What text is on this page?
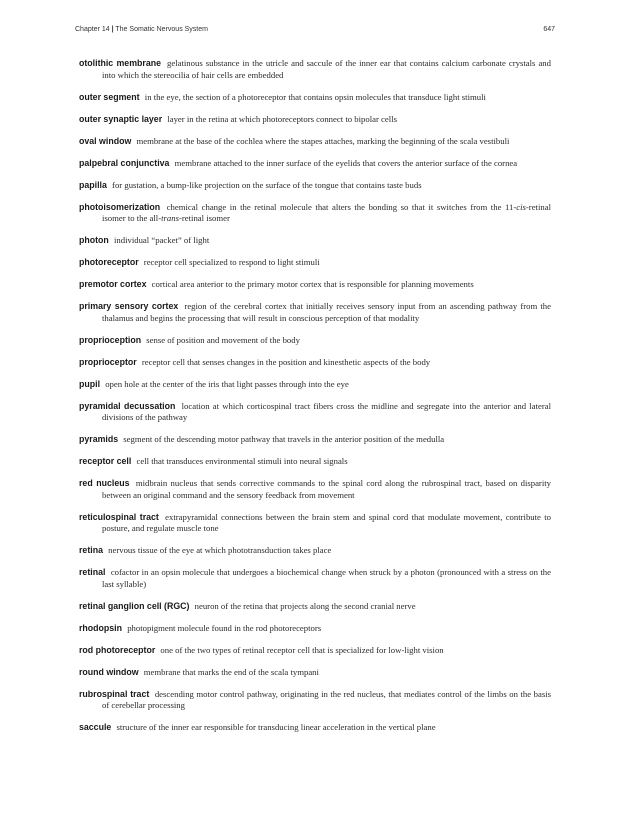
Chapter 14 | The Somatic Nervous System	647

otolithic membrane gelatinous substance in the utricle and saccule of the inner ear that contains calcium carbonate crystals and into which the stereocilia of hair cells are embedded

outer segment in the eye, the section of a photoreceptor that contains opsin molecules that transduce light stimuli

outer synaptic layer layer in the retina at which photoreceptors connect to bipolar cells

oval window membrane at the base of the cochlea where the stapes attaches, marking the beginning of the scala vestibuli

palpebral conjunctiva membrane attached to the inner surface of the eyelids that covers the anterior surface of the cornea

papilla for gustation, a bump-like projection on the surface of the tongue that contains taste buds

photoisomerization chemical change in the retinal molecule that alters the bonding so that it switches from the 11-cis-retinal isomer to the all-trans-retinal isomer

photon individual “packet” of light

photoreceptor receptor cell specialized to respond to light stimuli

premotor cortex cortical area anterior to the primary motor cortex that is responsible for planning movements

primary sensory cortex region of the cerebral cortex that initially receives sensory input from an ascending pathway from the thalamus and begins the processing that will result in conscious perception of that modality

proprioception sense of position and movement of the body

proprioceptor receptor cell that senses changes in the position and kinesthetic aspects of the body

pupil open hole at the center of the iris that light passes through into the eye

pyramidal decussation location at which corticospinal tract fibers cross the midline and segregate into the anterior and lateral divisions of the pathway

pyramids segment of the descending motor pathway that travels in the anterior position of the medulla

receptor cell cell that transduces environmental stimuli into neural signals

red nucleus midbrain nucleus that sends corrective commands to the spinal cord along the rubrospinal tract, based on disparity between an original command and the sensory feedback from movement

reticulospinal tract extrapyramidal connections between the brain stem and spinal cord that modulate movement, contribute to posture, and regulate muscle tone

retina nervous tissue of the eye at which phototransduction takes place

retinal cofactor in an opsin molecule that undergoes a biochemical change when struck by a photon (pronounced with a stress on the last syllable)

retinal ganglion cell (RGC) neuron of the retina that projects along the second cranial nerve

rhodopsin photopigment molecule found in the rod photoreceptors

rod photoreceptor one of the two types of retinal receptor cell that is specialized for low-light vision

round window membrane that marks the end of the scala tympani

rubrospinal tract descending motor control pathway, originating in the red nucleus, that mediates control of the limbs on the basis of cerebellar processing

saccule structure of the inner ear responsible for transducing linear acceleration in the vertical plane
